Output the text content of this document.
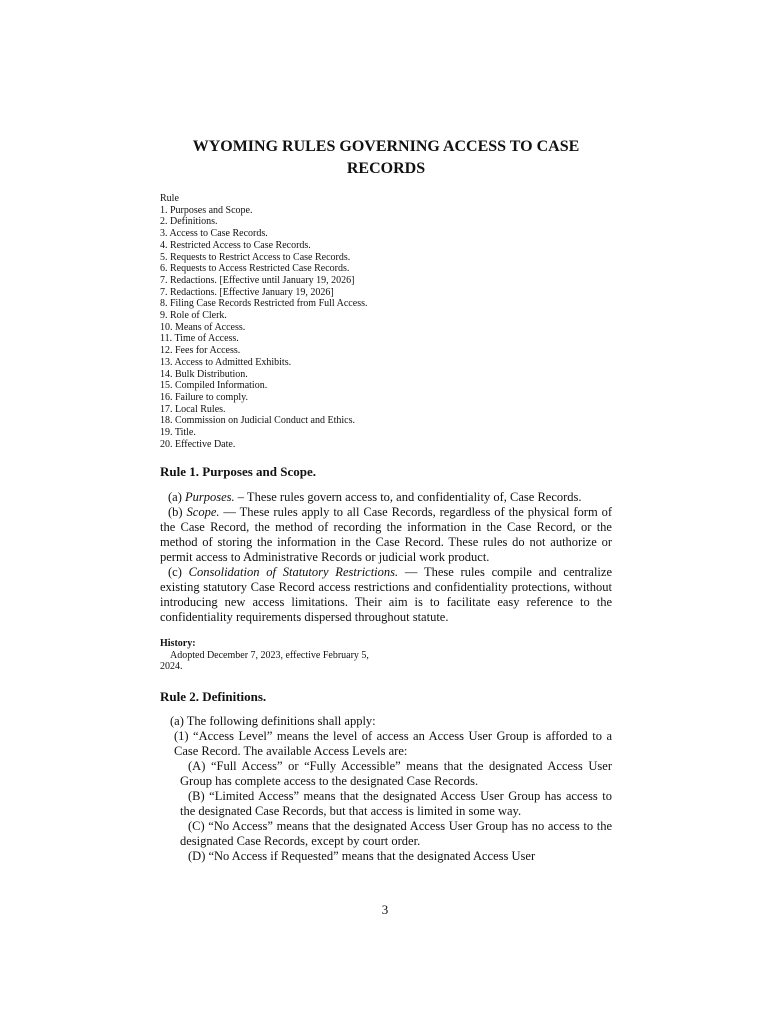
WYOMING RULES GOVERNING ACCESS TO CASE RECORDS
Rule
1. Purposes and Scope.
2. Definitions.
3. Access to Case Records.
4. Restricted Access to Case Records.
5. Requests to Restrict Access to Case Records.
6. Requests to Access Restricted Case Records.
7. Redactions. [Effective until January 19, 2026]
7. Redactions. [Effective January 19, 2026]
8. Filing Case Records Restricted from Full Access.
9. Role of Clerk.
10. Means of Access.
11. Time of Access.
12. Fees for Access.
13. Access to Admitted Exhibits.
14. Bulk Distribution.
15. Compiled Information.
16. Failure to comply.
17. Local Rules.
18. Commission on Judicial Conduct and Ethics.
19. Title.
20. Effective Date.
Rule 1. Purposes and Scope.

(a) Purposes. – These rules govern access to, and confidentiality of, Case Records.

(b) Scope. — These rules apply to all Case Records, regardless of the physical form of the Case Record, the method of recording the information in the Case Record, or the method of storing the information in the Case Record. These rules do not authorize or permit access to Administrative Records or judicial work product.

(c) Consolidation of Statutory Restrictions. — These rules compile and centralize existing statutory Case Record access restrictions and confidentiality protections, without introducing new access limitations. Their aim is to facilitate easy reference to the confidentiality requirements dispersed throughout statute.

History:
Adopted December 7, 2023, effective February 5, 2024.
Rule 2. Definitions.

(a) The following definitions shall apply:

(1) “Access Level” means the level of access an Access User Group is afforded to a Case Record. The available Access Levels are:

(A) “Full Access” or “Fully Accessible” means that the designated Access User Group has complete access to the designated Case Records.

(B) “Limited Access” means that the designated Access User Group has access to the designated Case Records, but that access is limited in some way.

(C) “No Access” means that the designated Access User Group has no access to the designated Case Records, except by court order.

(D) “No Access if Requested” means that the designated Access User

3
